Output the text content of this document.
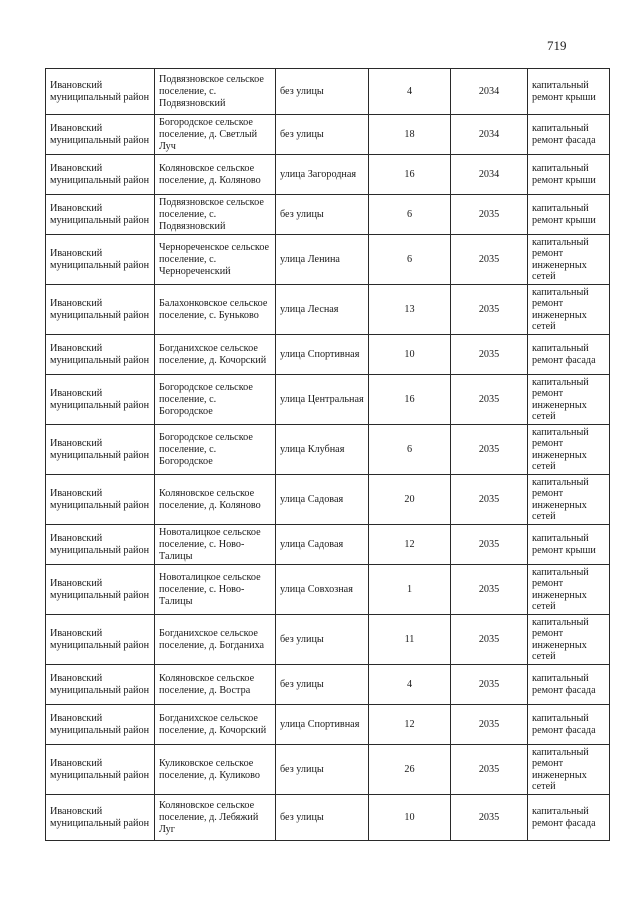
719
Ивановский муниципальный район	Подвязновское сельское поселение, с. Подвязновский	без улицы	4	2034	капитальный ремонт крыши
Ивановский муниципальный район	Богородское сельское поселение, д. Светлый Луч	без улицы	18	2034	капитальный ремонт фасада
Ивановский муниципальный район	Коляновское сельское поселение, д. Коляново	улица Загородная	16	2034	капитальный ремонт крыши
Ивановский муниципальный район	Подвязновское сельское поселение, с. Подвязновский	без улицы	6	2035	капитальный ремонт крыши
Ивановский муниципальный район	Чернореченское сельское поселение, с. Чернореченский	улица Ленина	6	2035	капитальный ремонт инженерных сетей
Ивановский муниципальный район	Балахонковское сельское поселение, с. Буньково	улица Лесная	13	2035	капитальный ремонт инженерных сетей
Ивановский муниципальный район	Богданихское сельское поселение, д. Кочорский	улица Спортивная	10	2035	капитальный ремонт фасада
Ивановский муниципальный район	Богородское сельское поселение, с. Богородское	улица Центральная	16	2035	капитальный ремонт инженерных сетей
Ивановский муниципальный район	Богородское сельское поселение, с. Богородское	улица Клубная	6	2035	капитальный ремонт инженерных сетей
Ивановский муниципальный район	Коляновское сельское поселение, д. Коляново	улица Садовая	20	2035	капитальный ремонт инженерных сетей
Ивановский муниципальный район	Новоталицкое сельское поселение, с. Ново-Талицы	улица Садовая	12	2035	капитальный ремонт крыши
Ивановский муниципальный район	Новоталицкое сельское поселение, с. Ново-Талицы	улица Совхозная	1	2035	капитальный ремонт инженерных сетей
Ивановский муниципальный район	Богданихское сельское поселение, д. Богданиха	без улицы	11	2035	капитальный ремонт инженерных сетей
Ивановский муниципальный район	Коляновское сельское поселение, д. Востра	без улицы	4	2035	капитальный ремонт фасада
Ивановский муниципальный район	Богданихское сельское поселение, д. Кочорский	улица Спортивная	12	2035	капитальный ремонт фасада
Ивановский муниципальный район	Куликовское сельское поселение, д. Куликово	без улицы	26	2035	капитальный ремонт инженерных сетей
Ивановский муниципальный район	Коляновское сельское поселение, д. Лебяжий Луг	без улицы	10	2035	капитальный ремонт фасада
